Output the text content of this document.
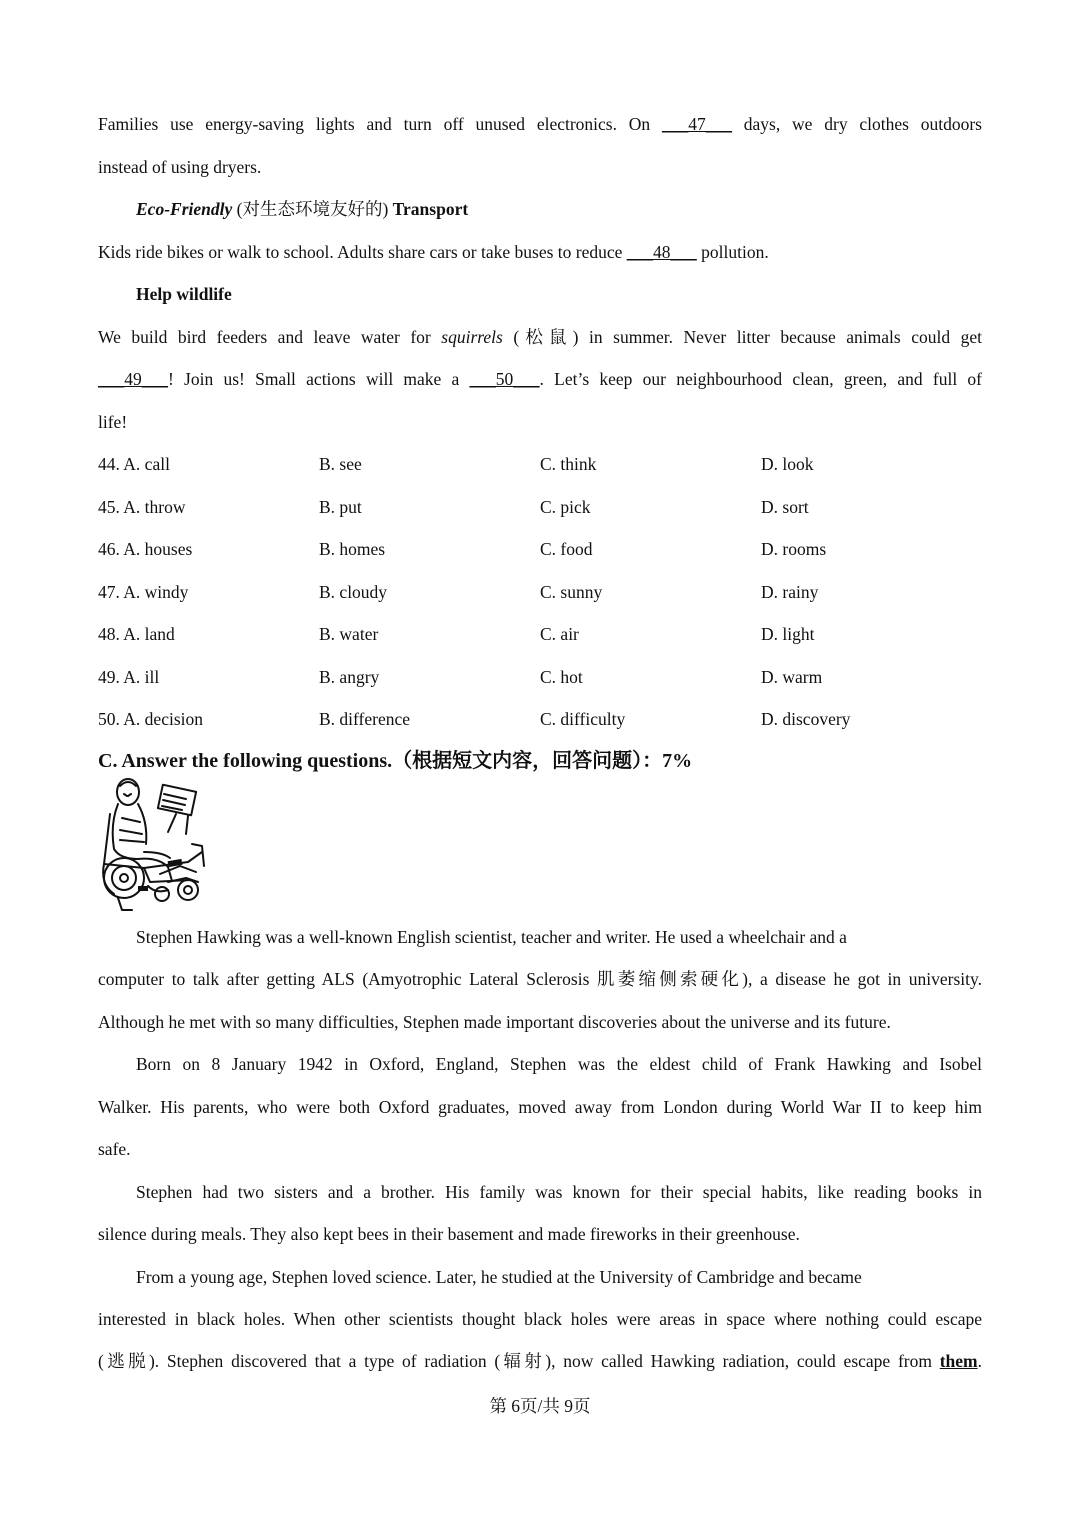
Families use energy-saving lights and turn off unused electronics. On ___47___ days, we dry clothes outdoors
instead of using dryers.
Eco-Friendly (对生态环境友好的) Transport
Kids ride bikes or walk to school. Adults share cars or take buses to reduce ___48___ pollution.
Help wildlife
We build bird feeders and leave water for squirrels (松鼠) in summer. Never litter because animals could get
___49___! Join us! Small actions will make a ___50___. Let’s keep our neighbourhood clean, green, and full of
life!
44. A. call	B. see	C. think	D. look
45. A. throw	B. put	C. pick	D. sort
46. A. houses	B. homes	C. food	D. rooms
47. A. windy	B. cloudy	C. sunny	D. rainy
48. A. land	B. water	C. air	D. light
49. A. ill	B. angry	C. hot	D. warm
50. A. decision	B. difference	C. difficulty	D. discovery
C. Answer the following questions.（根据短文内容，回答问题）：7%
Stephen Hawking was a well-known English scientist, teacher and writer. He used a wheelchair and a
computer to talk after getting ALS (Amyotrophic Lateral Sclerosis 肌萎缩侧索硬化), a disease he got in university.
Although he met with so many difficulties, Stephen made important discoveries about the universe and its future.
Born on 8 January 1942 in Oxford, England, Stephen was the eldest child of Frank Hawking and Isobel
Walker. His parents, who were both Oxford graduates, moved away from London during World War II to keep him
safe.
Stephen had two sisters and a brother. His family was known for their special habits, like reading books in
silence during meals. They also kept bees in their basement and made fireworks in their greenhouse.
From a young age, Stephen loved science. Later, he studied at the University of Cambridge and became
interested in black holes. When other scientists thought black holes were areas in space where nothing could escape
(逃脱). Stephen discovered that a type of radiation (辐射), now called Hawking radiation, could escape from them.
第 6页/共 9页
